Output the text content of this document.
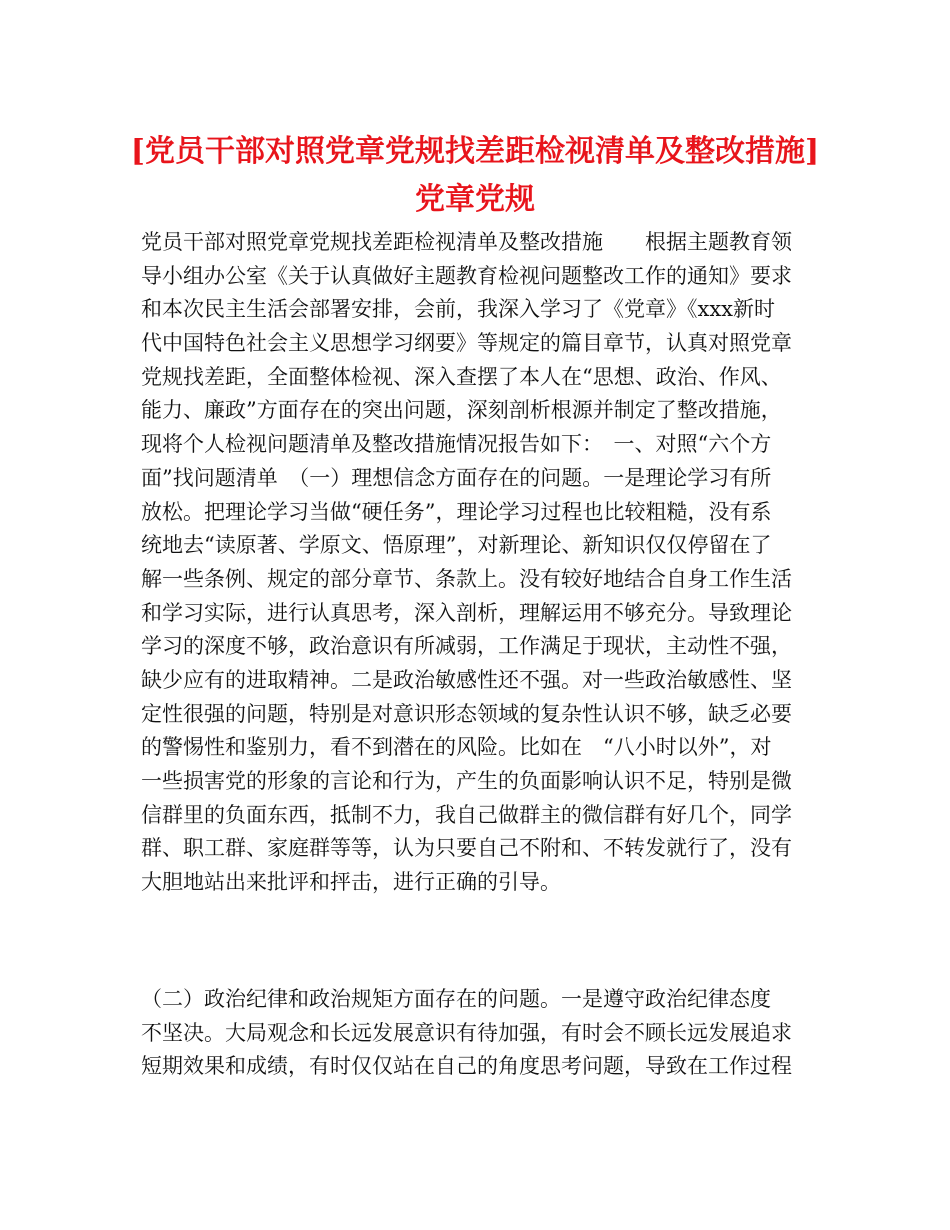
[党员干部对照党章党规找差距检视清单及整改措施]
党章党规
党员干部对照党章党规找差距检视清单及整改措施　　根据主题教育领
导小组办公室《关于认真做好主题教育检视问题整改工作的通知》要求
和本次民主生活会部署安排，会前，我深入学习了《党章》《xxx新时
代中国特色社会主义思想学习纲要》等规定的篇目章节，认真对照党章
党规找差距，全面整体检视、深入查摆了本人在“思想、政治、作风、
能力、廉政”方面存在的突出问题，深刻剖析根源并制定了整改措施，
现将个人检视问题清单及整改措施情况报告如下：　一、对照“六个方
面”找问题清单　（一）理想信念方面存在的问题。一是理论学习有所
放松。把理论学习当做“硬任务”，理论学习过程也比较粗糙，没有系
统地去“读原著、学原文、悟原理”，对新理论、新知识仅仅停留在了
解一些条例、规定的部分章节、条款上。没有较好地结合自身工作生活
和学习实际，进行认真思考，深入剖析，理解运用不够充分。导致理论
学习的深度不够，政治意识有所减弱，工作满足于现状，主动性不强，
缺少应有的进取精神。二是政治敏感性还不强。对一些政治敏感性、坚
定性很强的问题，特别是对意识形态领域的复杂性认识不够，缺乏必要
的警惕性和鉴别力，看不到潜在的风险。比如在　“八小时以外”，对
一些损害党的形象的言论和行为，产生的负面影响认识不足，特别是微
信群里的负面东西，抵制不力，我自己做群主的微信群有好几个，同学
群、职工群、家庭群等等，认为只要自己不附和、不转发就行了，没有
大胆地站出来批评和抨击，进行正确的引导。
（二）政治纪律和政治规矩方面存在的问题。一是遵守政治纪律态度
不坚决。大局观念和长远发展意识有待加强，有时会不顾长远发展追求
短期效果和成绩，有时仅仅站在自己的角度思考问题，导致在工作过程
